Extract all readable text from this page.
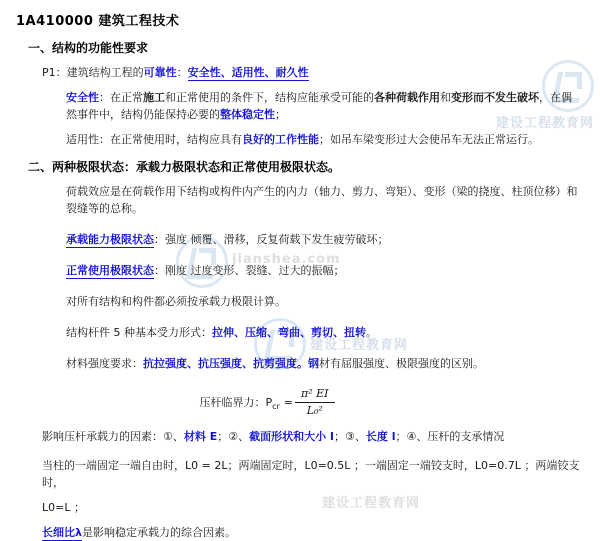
建设工程教育网
jianshea.com
建设工程教育网
建设工程教育网
1A410000 建筑工程技术
一、结构的功能性要求
P1：建筑结构工程的可靠性：安全性、适用性、耐久性
安全性：在正常施工和正常使用的条件下，结构应能承受可能的各种荷载作用和变形而不发生破坏，在偶然事件中，结构仍能保持必要的整体稳定性；
适用性：在正常使用时，结构应具有良好的工作性能；如吊车梁变形过大会使吊车无法正常运行。
二、两种极限状态：承载力极限状态和正常使用极限状态。
荷载效应是在荷载作用下结构或构件内产生的内力（轴力、剪力、弯矩）、变形（梁的挠度、柱顶位移）和裂缝等的总称。
承载能力极限状态：强度 倾覆、滑移，反复荷载下发生疲劳破坏；
正常使用极限状态：刚度 过度变形、裂缝、过大的振幅；
对所有结构和构件都必须按承载力极限计算。
结构杆件 5 种基本受力形式：拉伸、压缩、弯曲、剪切、扭转。
材料强度要求：抗拉强度、抗压强度、抗剪强度。钢材有屈服强度、极限强度的区别。
压杆临界力：$P_{cr} = \frac{\text{π² EI}}{\text{L₀²}}$
影响压杆承载力的因素：①、材料 E；②、截面形状和大小 I；③、长度 l；④、压杆的支承情况
当柱的一端固定一端自由时，L0 = 2L；两端固定时，L0=0.5L ；一端固定一端铰支时，L0=0.7L ；两端铰支时，
L0=L ；
长细比λ是影响稳定承载力的综合因素。
